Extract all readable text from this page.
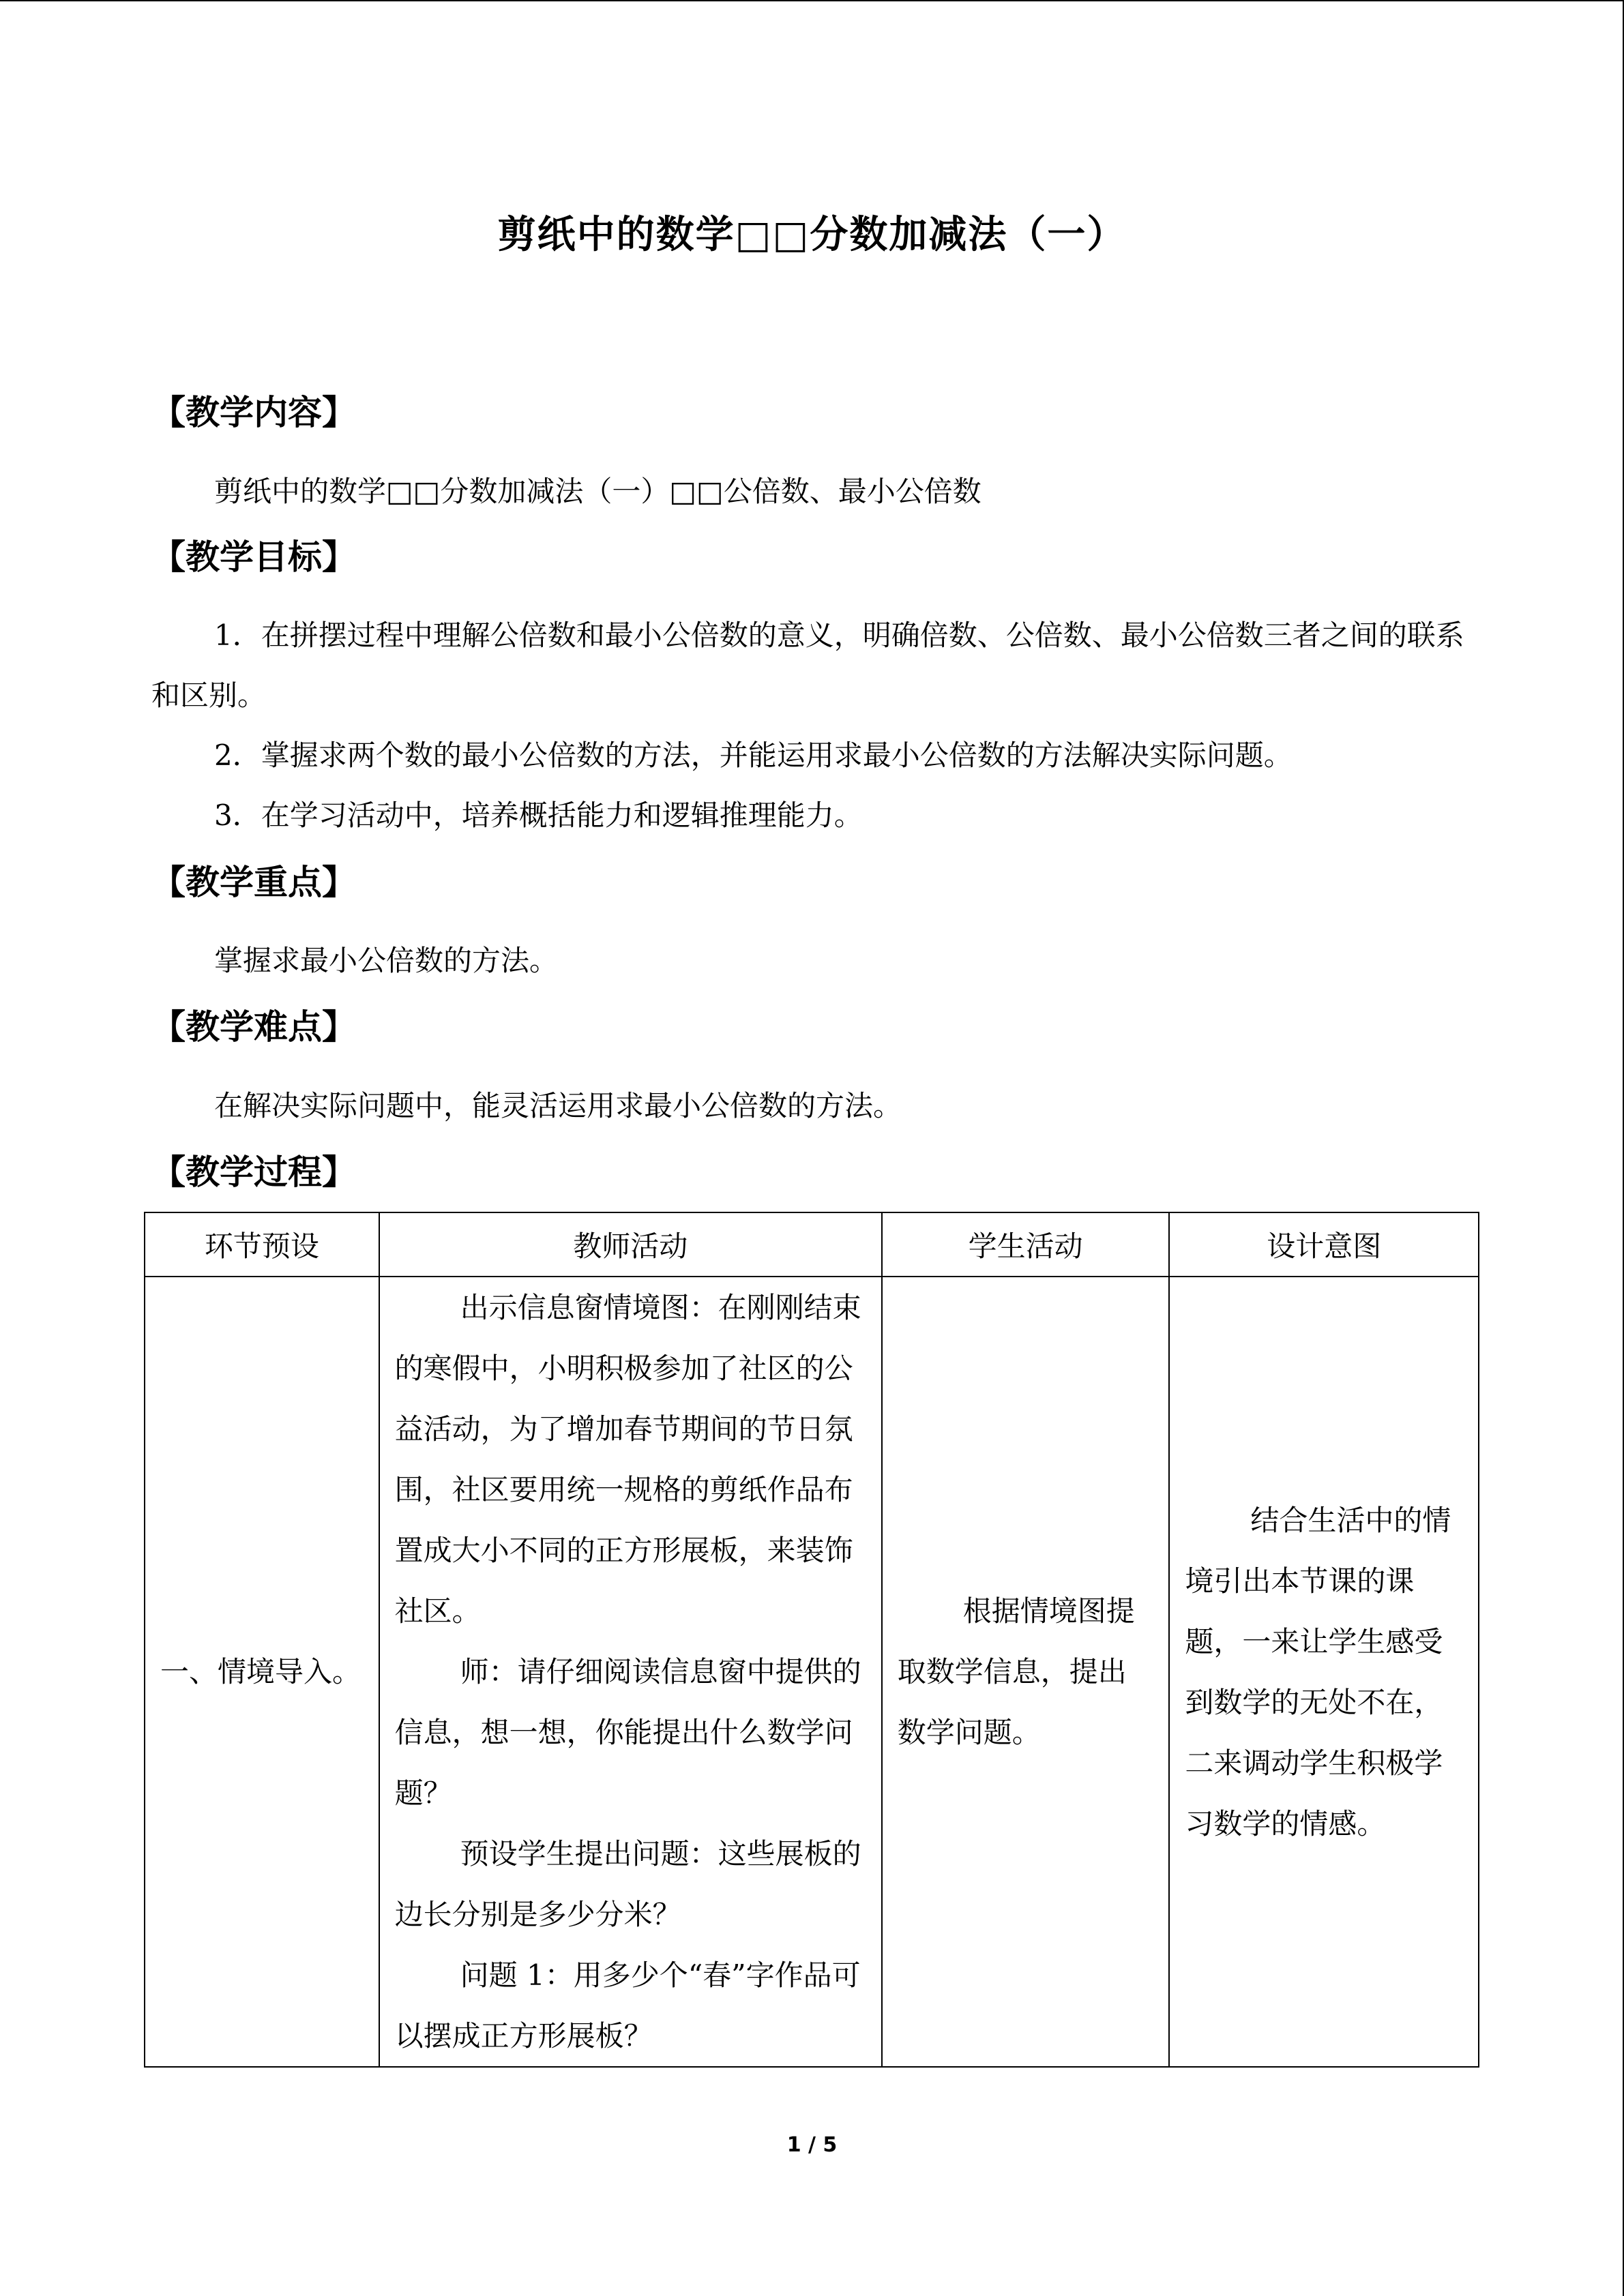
剪纸中的数学□□分数加减法（一）
【教学内容】
剪纸中的数学□□分数加减法（一）□□公倍数、最小公倍数
【教学目标】
1．在拼摆过程中理解公倍数和最小公倍数的意义，明确倍数、公倍数、最小公倍数三者之间的联系和区别。
2．掌握求两个数的最小公倍数的方法，并能运用求最小公倍数的方法解决实际问题。
3．在学习活动中，培养概括能力和逻辑推理能力。
【教学重点】
掌握求最小公倍数的方法。
【教学难点】
在解决实际问题中，能灵活运用求最小公倍数的方法。
【教学过程】
环节预设	教师活动	学生活动	设计意图

一、情境导入。	出示信息窗情境图：在刚刚结束的寒假中，小明积极参加了社区的公益活动，为了增加春节期间的节日氛围，社区要用统一规格的剪纸作品布置成大小不同的正方形展板，来装饰社区。

师：请仔细阅读信息窗中提供的信息，想一想，你能提出什么数学问题？

预设学生提出问题：这些展板的边长分别是多少分米？

问题 1：用多少个“春”字作品可以摆成正方形展板？	根据情境图提取数学信息，提出数学问题。	结合生活中的情境引出本节课的课题，一来让学生感受到数学的无处不在，二来调动学生积极学习数学的情感。

1 / 5
